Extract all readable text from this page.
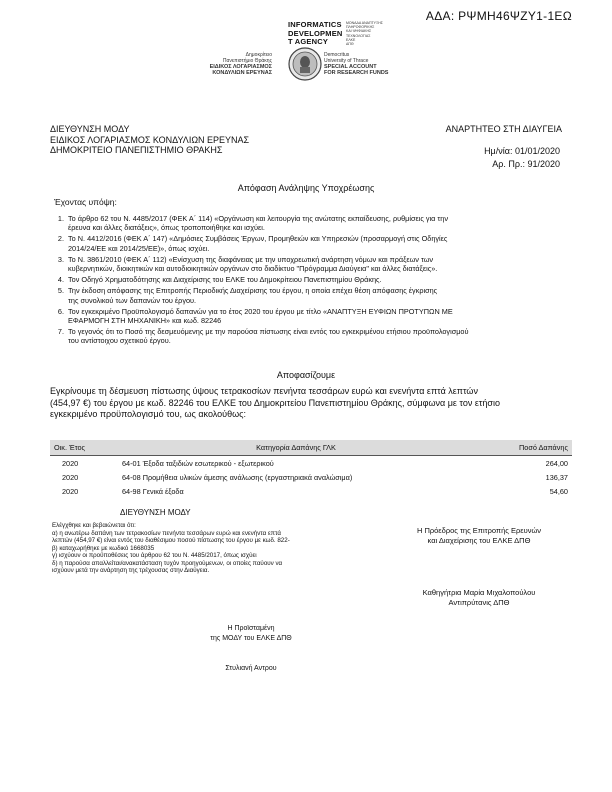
ΑΔΑ: ΡΨΜΗ46ΨΖΥ1-1ΕΩ
INFORMATICS
DEVELOPMEN
T AGENCY
ΜΟΝΑΔΑ ΑΝΑΠΤΥΞΗΣ
ΠΛΗΡΟΦΟΡΙΚΗΣ
ΚΑΙ ΨΗΦΙΑΚΗΣ
ΤΕΧΝΟΛΟΓΙΑΣ
ΕΛΚΕ
ΔΠΘ
Δημοκρίτειο
Πανεπιστήμιο Θράκης
ΕΙΔΙΚΟΣ ΛΟΓΑΡΙΑΣΜΟΣ
ΚΟΝΔΥΛΙΩΝ ΕΡΕΥΝΑΣ
Democritus
University of Thrace
SPECIAL ACCOUNT
FOR RESEARCH FUNDS
ΔΙΕΥΘΥΝΣΗ ΜΟΔΥ
ΕΙΔΙΚΟΣ ΛΟΓΑΡΙΑΣΜΟΣ ΚΟΝΔΥΛΙΩΝ ΕΡΕΥΝΑΣ
ΔΗΜΟΚΡΙΤΕΙΟ ΠΑΝΕΠΙΣΤΗΜΙΟ ΘΡΑΚΗΣ
ΑΝΑΡΤΗΤΕΟ ΣΤΗ ΔΙΑΥΓΕΙΑ
Ημ/νία: 01/01/2020
Αρ. Πρ.: 91/2020
Απόφαση Ανάληψης Υποχρέωσης
Έχοντας υπόψη:
1. Το άρθρο 62 του Ν. 4485/2017 (ΦΕΚ Α΄ 114) «Οργάνωση και λειτουργία της ανώτατης εκπαίδευσης, ρυθμίσεις για την
έρευνα και άλλες διατάξεις», όπως τροποποιήθηκε και ισχύει.
2. Το Ν. 4412/2016 (ΦΕΚ Α΄ 147) «Δημόσιες Συμβάσεις Έργων, Προμηθειών και Υπηρεσιών (προσαρμογή στις Οδηγίες
2014/24/ΕΕ και 2014/25/ΕΕ)», όπως ισχύει.
3. Το Ν. 3861/2010 (ΦΕΚ Α΄ 112) «Ενίσχυση της διαφάνειας με την υποχρεωτική ανάρτηση νόμων και πράξεων των
κυβερνητικών, διοικητικών και αυτοδιοικητικών οργάνων στο διαδίκτυο "Πρόγραμμα Διαύγεια" και άλλες διατάξεις».
4. Τον Οδηγό Χρηματοδότησης και Διαχείρισης του ΕΛΚΕ του Δημοκρίτειου Πανεπιστημίου Θράκης.
5. Την έκδοση απόφασης της Επιτροπής Περιοδικής Διαχείρισης του έργου, η οποία επέχει θέση απόφασης έγκρισης
της συνολικού των δαπανών του έργου.
6. Τον εγκεκριμένο Προϋπολογισμό δαπανών για το έτος 2020 του έργου με τίτλο «ΑΝΑΠΤΥΞΗ ΕΥΦΙΩΝ ΠΡΟΤΥΠΩΝ ΜΕ
ΕΦΑΡΜΟΓΗ ΣΤΗ ΜΗΧΑΝΙΚΗ» και κωδ. 82246
7. Το γεγονός ότι το Ποσό της δεσμευόμενης με την παρούσα πίστωσης είναι εντός του εγκεκριμένου ετήσιου προϋπολογισμού
του αντίστοιχου σχετικού έργου.
Αποφασίζουμε
Εγκρίνουμε τη δέσμευση πίστωσης ύψους τετρακοσίων πενήντα τεσσάρων ευρώ και ενενήντα επτά λεπτών
(454,97 €) του έργου με κωδ. 82246 του ΕΛΚΕ του Δημοκριτείου Πανεπιστημίου Θράκης, σύμφωνα με τον ετήσιο
εγκεκριμένο προϋπολογισμό του, ως ακολούθως:
Οικ. Έτος	Κατηγορία Δαπάνης ΓΛΚ	Ποσό Δαπάνης
2020	64-01 Έξοδα ταξιδιών εσωτερικού - εξωτερικού	264,00
2020	64-08 Προμήθεια υλικών άμεσης ανάλωσης (εργαστηριακά αναλώσιμα)	136,37
2020	64-98 Γενικά έξοδα	54,60
ΔΙΕΥΘΥΝΣΗ ΜΟΔΥ
Ελέγχθηκε και βεβαιώνεται ότι:
α) η ανωτέρω δαπάνη των τετρακοσίων πενήντα τεσσάρων ευρώ και ενενήντα επτά
λεπτών (454,97 €) είναι εντός του διαθέσιμου ποσού πίστωσης του έργου με κωδ. 822-
β) καταχωρήθηκε με κωδικό 1668035
γ) ισχύουν οι προϋποθέσεις του άρθρου 62 του Ν. 4485/2017, όπως ισχύει
δ) η παρούσα απαλλείται/ανακατάσταση τυχόν προηγούμενων, οι οποίες παύουν να
ισχύουν μετά την ανάρτηση της τρέχουσας στην Διαύγεια.
Η Πρόεδρος της Επιτροπής Ερευνών
και Διαχείρισης του ΕΛΚΕ ΔΠΘ
Καθηγήτρια Μαρία Μιχαλοπούλου
Αντιπρύτανις ΔΠΘ
Η Προϊσταμένη
της ΜΟΔΥ του ΕΛΚΕ ΔΠΘ
Στυλιανή Αντρου
